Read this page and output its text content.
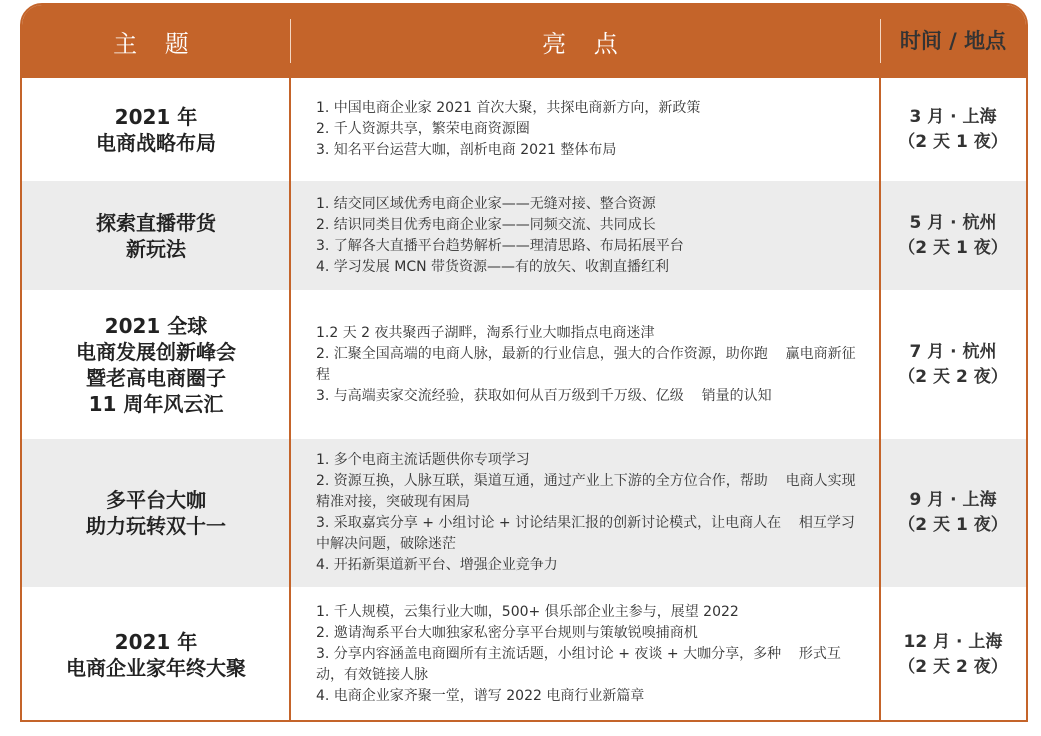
主 题	亮 点	时间 / 地点
2021 年
电商战略布局
1. 中国电商企业家 2021 首次大聚，共探电商新方向，新政策
2. 千人资源共享，繁荣电商资源圈
3. 知名平台运营大咖，剖析电商 2021 整体布局
3 月 · 上海
（2 天 1 夜）
探索直播带货
新玩法
1. 结交同区域优秀电商企业家——无缝对接、整合资源
2. 结识同类目优秀电商企业家——同频交流、共同成长
3. 了解各大直播平台趋势解析——理清思路、布局拓展平台
4. 学习发展 MCN 带货资源——有的放矢、收割直播红利
5 月 · 杭州
（2 天 1 夜）
2021 全球
电商发展创新峰会
暨老高电商圈子
11 周年风云汇
1.2 天 2 夜共聚西子湖畔，淘系行业大咖指点电商迷津
2. 汇聚全国高端的电商人脉，最新的行业信息，强大的合作资源，助你跑    赢电商新征程
3. 与高端卖家交流经验，获取如何从百万级到千万级、亿级    销量的认知
7 月 · 杭州
（2 天 2 夜）
多平台大咖
助力玩转双十一
1. 多个电商主流话题供你专项学习
2. 资源互换，人脉互联，渠道互通，通过产业上下游的全方位合作，帮助    电商人实现精准对接，突破现有困局
3. 采取嘉宾分享 + 小组讨论 + 讨论结果汇报的创新讨论模式，让电商人在    相互学习中解决问题，破除迷茫
4. 开拓新渠道新平台、增强企业竞争力
9 月 · 上海
（2 天 1 夜）
2021 年
电商企业家年终大聚
1. 千人规模，云集行业大咖，500+ 俱乐部企业主参与，展望 2022
2. 邀请淘系平台大咖独家私密分享平台规则与策敏锐嗅捕商机
3. 分享内容涵盖电商圈所有主流话题，小组讨论 + 夜谈 + 大咖分享，多种    形式互动，有效链接人脉
4. 电商企业家齐聚一堂，谱写 2022 电商行业新篇章
12 月 · 上海
（2 天 2 夜）
